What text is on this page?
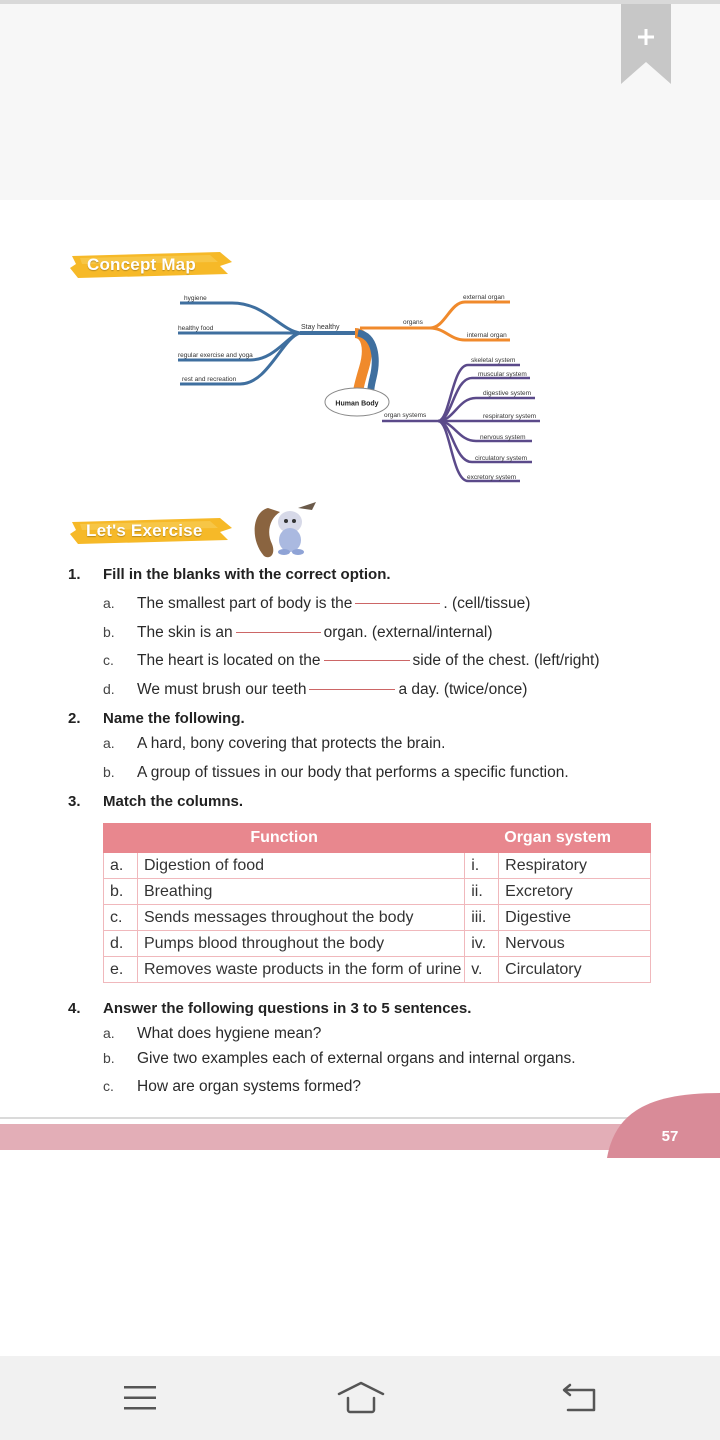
Concept Map
Human Body
Stay healthy
hygiene
healthy food
regular exercise and yoga
rest and recreation
organs
external organ
internal organ
organ systems
skeletal system
muscular system
digestive system
respiratory system
nervous system
circulatory system
excretory system
Let's Exercise
1. Fill in the blanks with the correct option.
a. The smallest part of body is the	. (cell/tissue)
b. The skin is an	organ. (external/internal)
c. The heart is located on the	side of the chest. (left/right)
d. We must brush our teeth	a day. (twice/once)
2. Name the following.
a. A hard, bony covering that protects the brain.
b. A group of tissues in our body that performs a specific function.
3. Match the columns.
Function		Organ system	
a.	Digestion of food	i.	Respiratory
b.	Breathing	ii.	Excretory
c.	Sends messages throughout the body	iii.	Digestive
d.	Pumps blood throughout the body	iv.	Nervous
e.	Removes waste products in the form of urine	v.	Circulatory
4. Answer the following questions in 3 to 5 sentences.
a. What does hygiene mean?
b. Give two examples each of external organs and internal organs.
c. How are organ systems formed?
57
